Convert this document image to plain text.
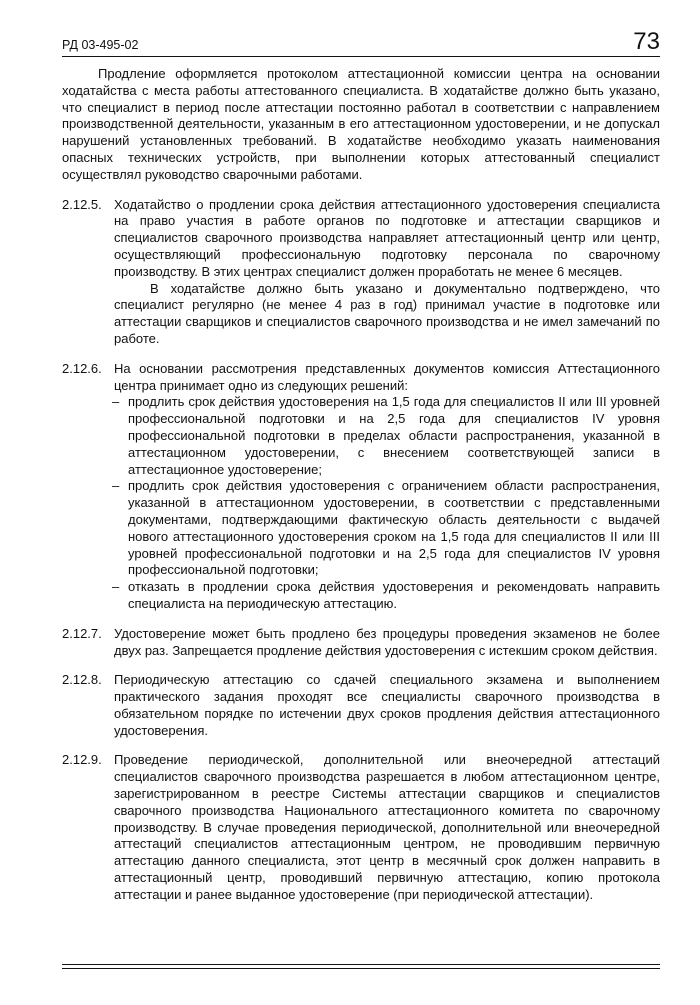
РД 03-495-02	73

Продление оформляется протоколом аттестационной комиссии центра на основании ходатайства с места работы аттестованного специалиста. В ходатайстве должно быть указано, что специалист в период после аттестации постоянно работал в соответствии с направлением производственной деятельности, указанным в его аттестационном удостоверении, и не допускал нарушений установленных требований. В ходатайстве необходимо указать наименования опасных технических устройств, при выполнении которых аттестованный специалист осуществлял руководство сварочными работами.

2.12.5. Ходатайство о продлении срока действия аттестационного удостоверения специалиста на право участия в работе органов по подготовке и аттестации сварщиков и специалистов сварочного производства направляет аттестационный центр или центр, осуществляющий профессиональную подготовку персонала по сварочному производству. В этих центрах специалист должен проработать не менее 6 месяцев.
В ходатайстве должно быть указано и документально подтверждено, что специалист регулярно (не менее 4 раз в год) принимал участие в подготовке или аттестации сварщиков и специалистов сварочного производства и не имел замечаний по работе.
2.12.6. На основании рассмотрения представленных документов комиссия Аттестационного центра принимает одно из следующих решений:
– продлить срок действия удостоверения на 1,5 года для специалистов II или III уровней профессиональной подготовки и на 2,5 года для специалистов IV уровня профессиональной подготовки в пределах области распространения, указанной в аттестационном удостоверении, с внесением соответствующей записи в аттестационное удостоверение;
– продлить срок действия удостоверения с ограничением области распространения, указанной в аттестационном удостоверении, в соответствии с представленными документами, подтверждающими фактическую область деятельности с выдачей нового аттестационного удостоверения сроком на 1,5 года для специалистов II или III уровней профессиональной подготовки и на 2,5 года для специалистов IV уровня профессиональной подготовки;
– отказать в продлении срока действия удостоверения и рекомендовать направить специалиста на периодическую аттестацию.
2.12.7. Удостоверение может быть продлено без процедуры проведения экзаменов не более двух раз. Запрещается продление действия удостоверения с истекшим сроком действия.
2.12.8. Периодическую аттестацию со сдачей специального экзамена и выполнением практического задания проходят все специалисты сварочного производства в обязательном порядке по истечении двух сроков продления действия аттестационного удостоверения.
2.12.9. Проведение периодической, дополнительной или внеочередной аттестаций специалистов сварочного производства разрешается в любом аттестационном центре, зарегистрированном в реестре Системы аттестации сварщиков и специалистов сварочного производства Национального аттестационного комитета по сварочному производству. В случае проведения периодической, дополнительной или внеочередной аттестаций специалистов аттестационным центром, не проводившим первичную аттестацию данного специалиста, этот центр в месячный срок должен направить в аттестационный центр, проводивший первичную аттестацию, копию протокола аттестации и ранее выданное удостоверение (при периодической аттестации).
